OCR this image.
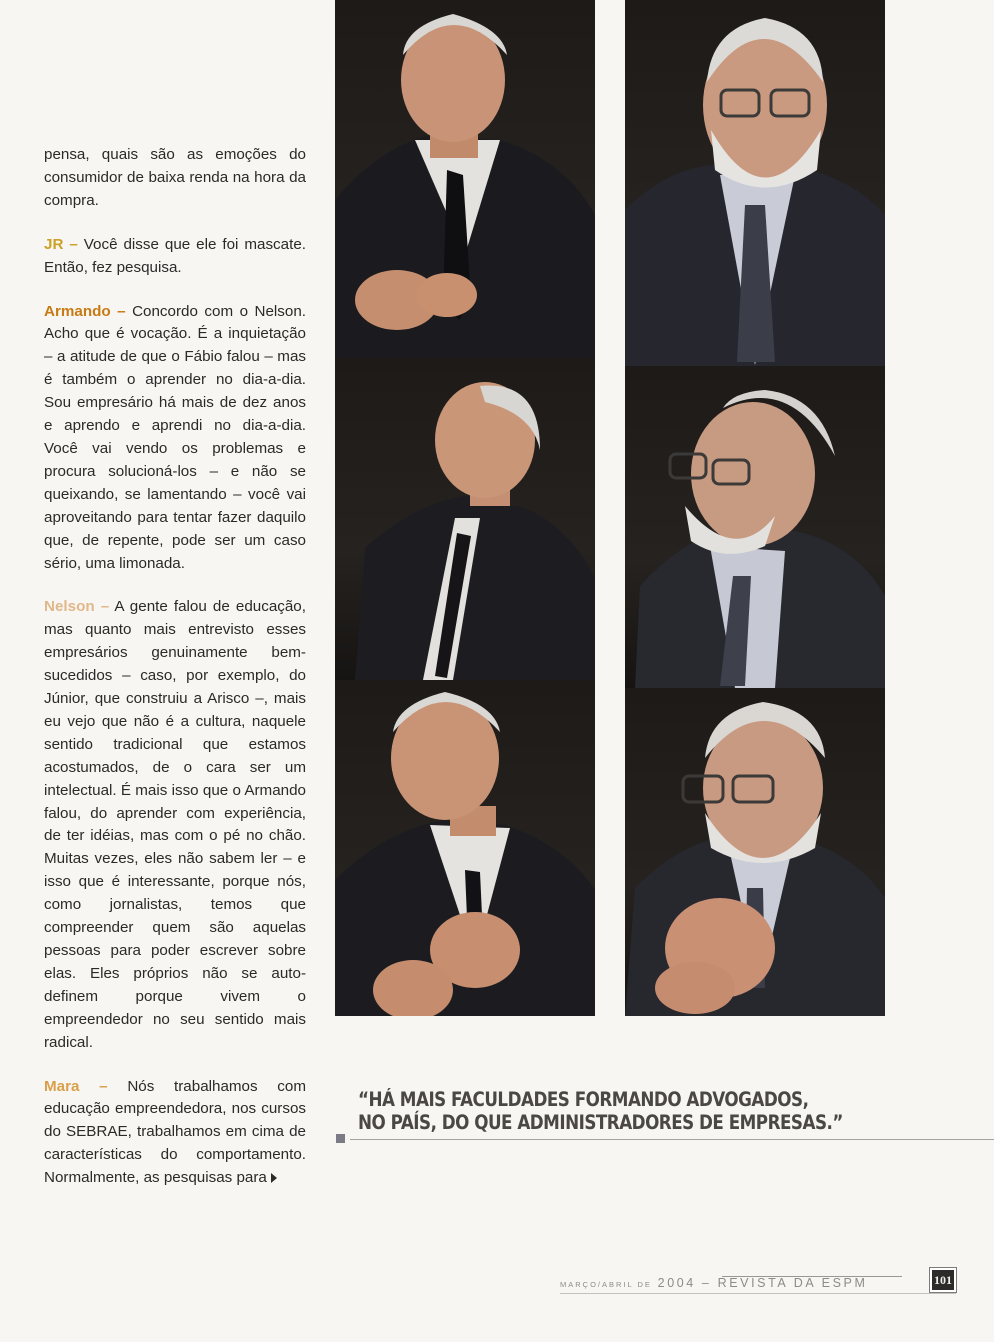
pensa, quais são as emoções do consumidor de baixa renda na hora da compra.

JR – Você disse que ele foi mascate. Então, fez pesquisa.

Armando – Concordo com o Nelson. Acho que é vocação. É a inquietação – a atitude de que o Fábio falou – mas é também o aprender no dia-a-dia. Sou empresário há mais de dez anos e aprendo e aprendi no dia-a-dia. Você vai vendo os problemas e procura solucioná-los – e não se queixando, se lamentando – você vai aproveitando para tentar fazer daquilo que, de repente, pode ser um caso sério, uma limonada.

Nelson – A gente falou de educação, mas quanto mais entrevisto esses empresários genuinamente bem-sucedidos – caso, por exemplo, do Júnior, que construiu a Arisco –, mais eu vejo que não é a cultura, naquele sentido tradicional que estamos acostumados, de o cara ser um intelectual. É mais isso que o Armando falou, do aprender com experiência, de ter idéias, mas com o pé no chão. Muitas vezes, eles não sabem ler – e isso que é interessante, porque nós, como jornalistas, temos que compreender quem são aquelas pessoas para poder escrever sobre elas. Eles próprios não se auto-definem porque vivem o empreendedor no seu sentido mais radical.

Mara – Nós trabalhamos com educação empreendedora, nos cursos do SEBRAE, trabalhamos em cima de características do comportamento. Normalmente, as pesquisas para

“HÁ MAIS FACULDADES FORMANDO ADVOGADOS,
NO PAÍS, DO QUE ADMINISTRADORES DE EMPRESAS.”
MARÇO/ABRIL DE 2004 – REVISTA DA ESPM	101
